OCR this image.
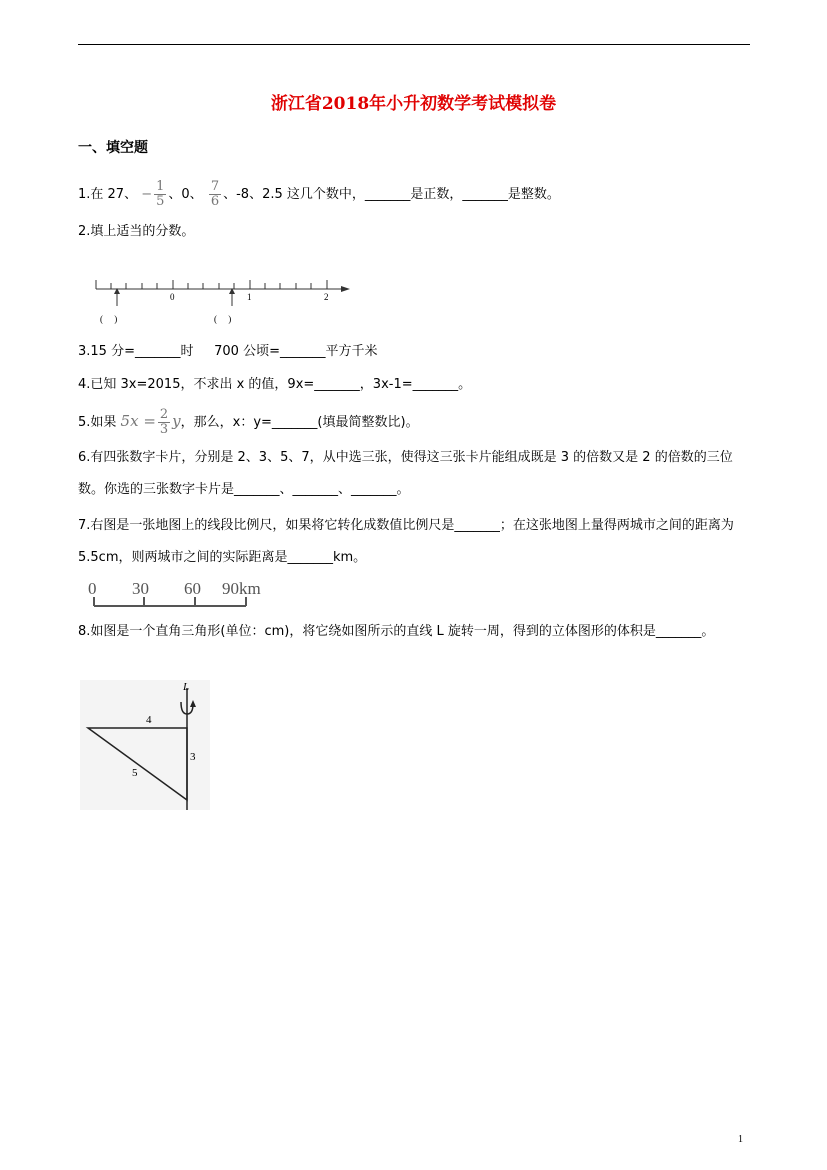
浙江省2018年小升初数学考试模拟卷
一、填空题
1.在 27、 − $\frac{1}{5}$ 、0、 $\frac{7}{6}$ 、-8、2.5 这几个数中，_______是正数，_______是整数。
2.填上适当的分数。
0	1	2
(     )	(     )
3.15 分=_______时     700 公顷=_______平方千米
4.已知 3x=2015，不求出 x 的值，9x=_______，3x-1=_______。
5.如果 $5x = \frac{2}{3}$ y，那么，x：y=_______(填最简整数比)。
6.有四张数字卡片，分别是 2、3、5、7，从中选三张，使得这三张卡片能组成既是 3 的倍数又是 2 的倍数的三位数。你选的三张数字卡片是_______、_______、_______。
7.右图是一张地图上的线段比例尺，如果将它转化成数值比例尺是_______；在这张地图上量得两城市之间的距离为 5.5cm，则两城市之间的实际距离是_______km。
0 30 60 90km
8.如图是一个直角三角形(单位：cm)，将它绕如图所示的直线 L 旋转一周，得到的立体图形的体积是_______。
L
4
3
5
1
